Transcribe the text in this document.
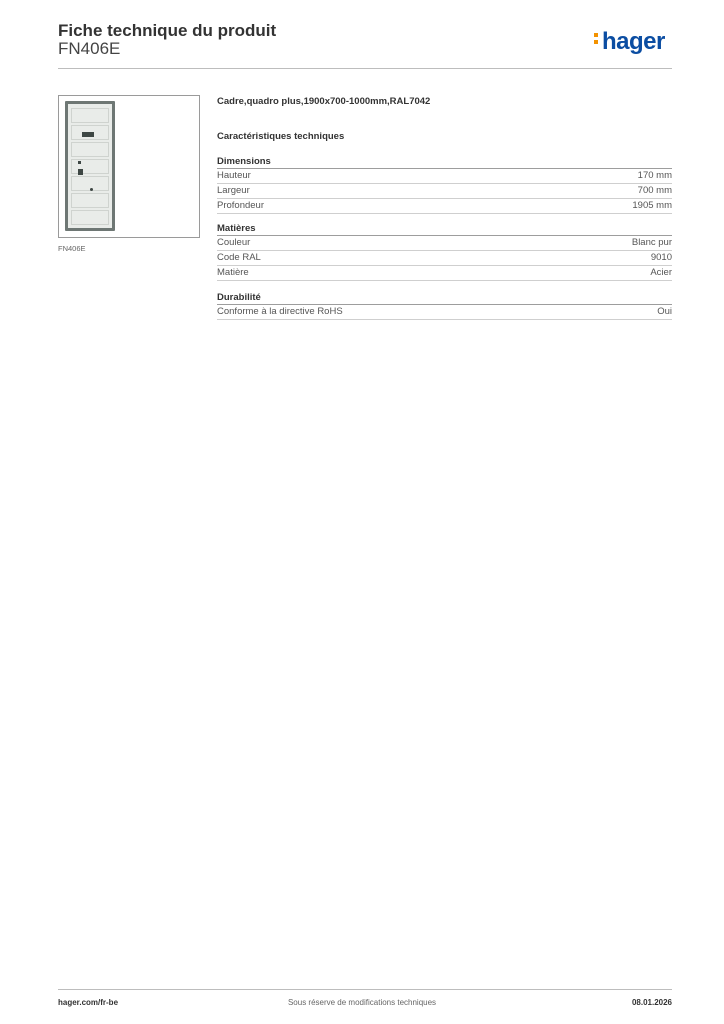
Fiche technique du produit
FN406E	hager
FN406E
Cadre,quadro plus,1900x700-1000mm,RAL7042
Caractéristiques techniques
Dimensions
Hauteur	170 mm
Largeur	700 mm
Profondeur	1905 mm
Matières
Couleur	Blanc pur
Code RAL	9010
Matière	Acier
Durabilité
Conforme à la directive RoHS	Oui
hager.com/fr-be	Sous réserve de modifications techniques	08.01.2026
